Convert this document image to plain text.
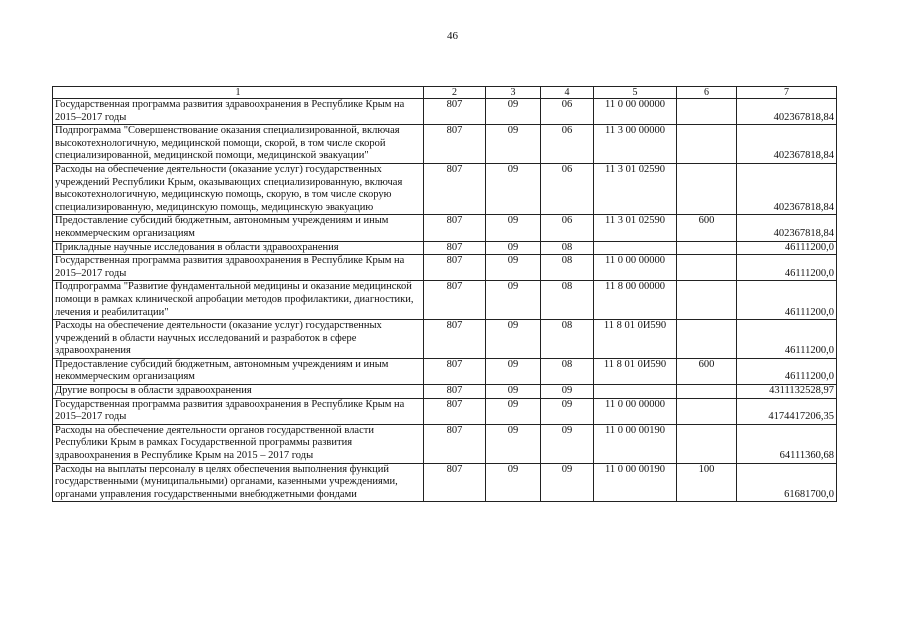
46
1	2	3	4	5	6	7
Государственная программа развития здравоохранения в Республике Крым на 2015–2017 годы	807	09	06	11 0 00 00000		402367818,84
Подпрограмма "Совершенствование оказания специализированной, включая высокотехнологичную, медицинской помощи, скорой, в том числе скорой специализированной, медицинской помощи, медицинской эвакуации"	807	09	06	11 3 00 00000		402367818,84
Расходы на обеспечение деятельности (оказание услуг) государственных учреждений Республики Крым, оказывающих специализированную, включая высокотехнологичную, медицинскую помощь, скорую, в том числе скорую специализированную, медицинскую помощь, медицинскую эвакуацию	807	09	06	11 3 01 02590		402367818,84
Предоставление субсидий бюджетным, автономным учреждениям и иным некоммерческим организациям	807	09	06	11 3 01 02590	600	402367818,84
Прикладные научные исследования в области здравоохранения	807	09	08			46111200,0
Государственная программа развития здравоохранения в Республике Крым на 2015–2017 годы	807	09	08	11 0 00 00000		46111200,0
Подпрограмма "Развитие фундаментальной медицины и оказание медицинской помощи в рамках клинической апробации методов профилактики, диагностики, лечения и реабилитации"	807	09	08	11 8 00 00000		46111200,0
Расходы на обеспечение деятельности (оказание услуг) государственных учреждений в области научных исследований и разработок в сфере здравоохранения	807	09	08	11 8 01 0И590		46111200,0
Предоставление субсидий бюджетным, автономным учреждениям и иным некоммерческим организациям	807	09	08	11 8 01 0И590	600	46111200,0
Другие вопросы в области здравоохранения	807	09	09			4311132528,97
Государственная программа развития здравоохранения в Республике Крым на 2015–2017 годы	807	09	09	11 0 00 00000		4174417206,35
Расходы на обеспечение деятельности органов государственной власти Республики Крым в рамках Государственной программы развития здравоохранения в Республике Крым на 2015 – 2017 годы	807	09	09	11 0 00 00190		64111360,68
Расходы на выплаты персоналу в целях обеспечения выполнения функций государственными (муниципальными) органами, казенными учреждениями, органами управления государственными внебюджетными фондами	807	09	09	11 0 00 00190	100	61681700,0
